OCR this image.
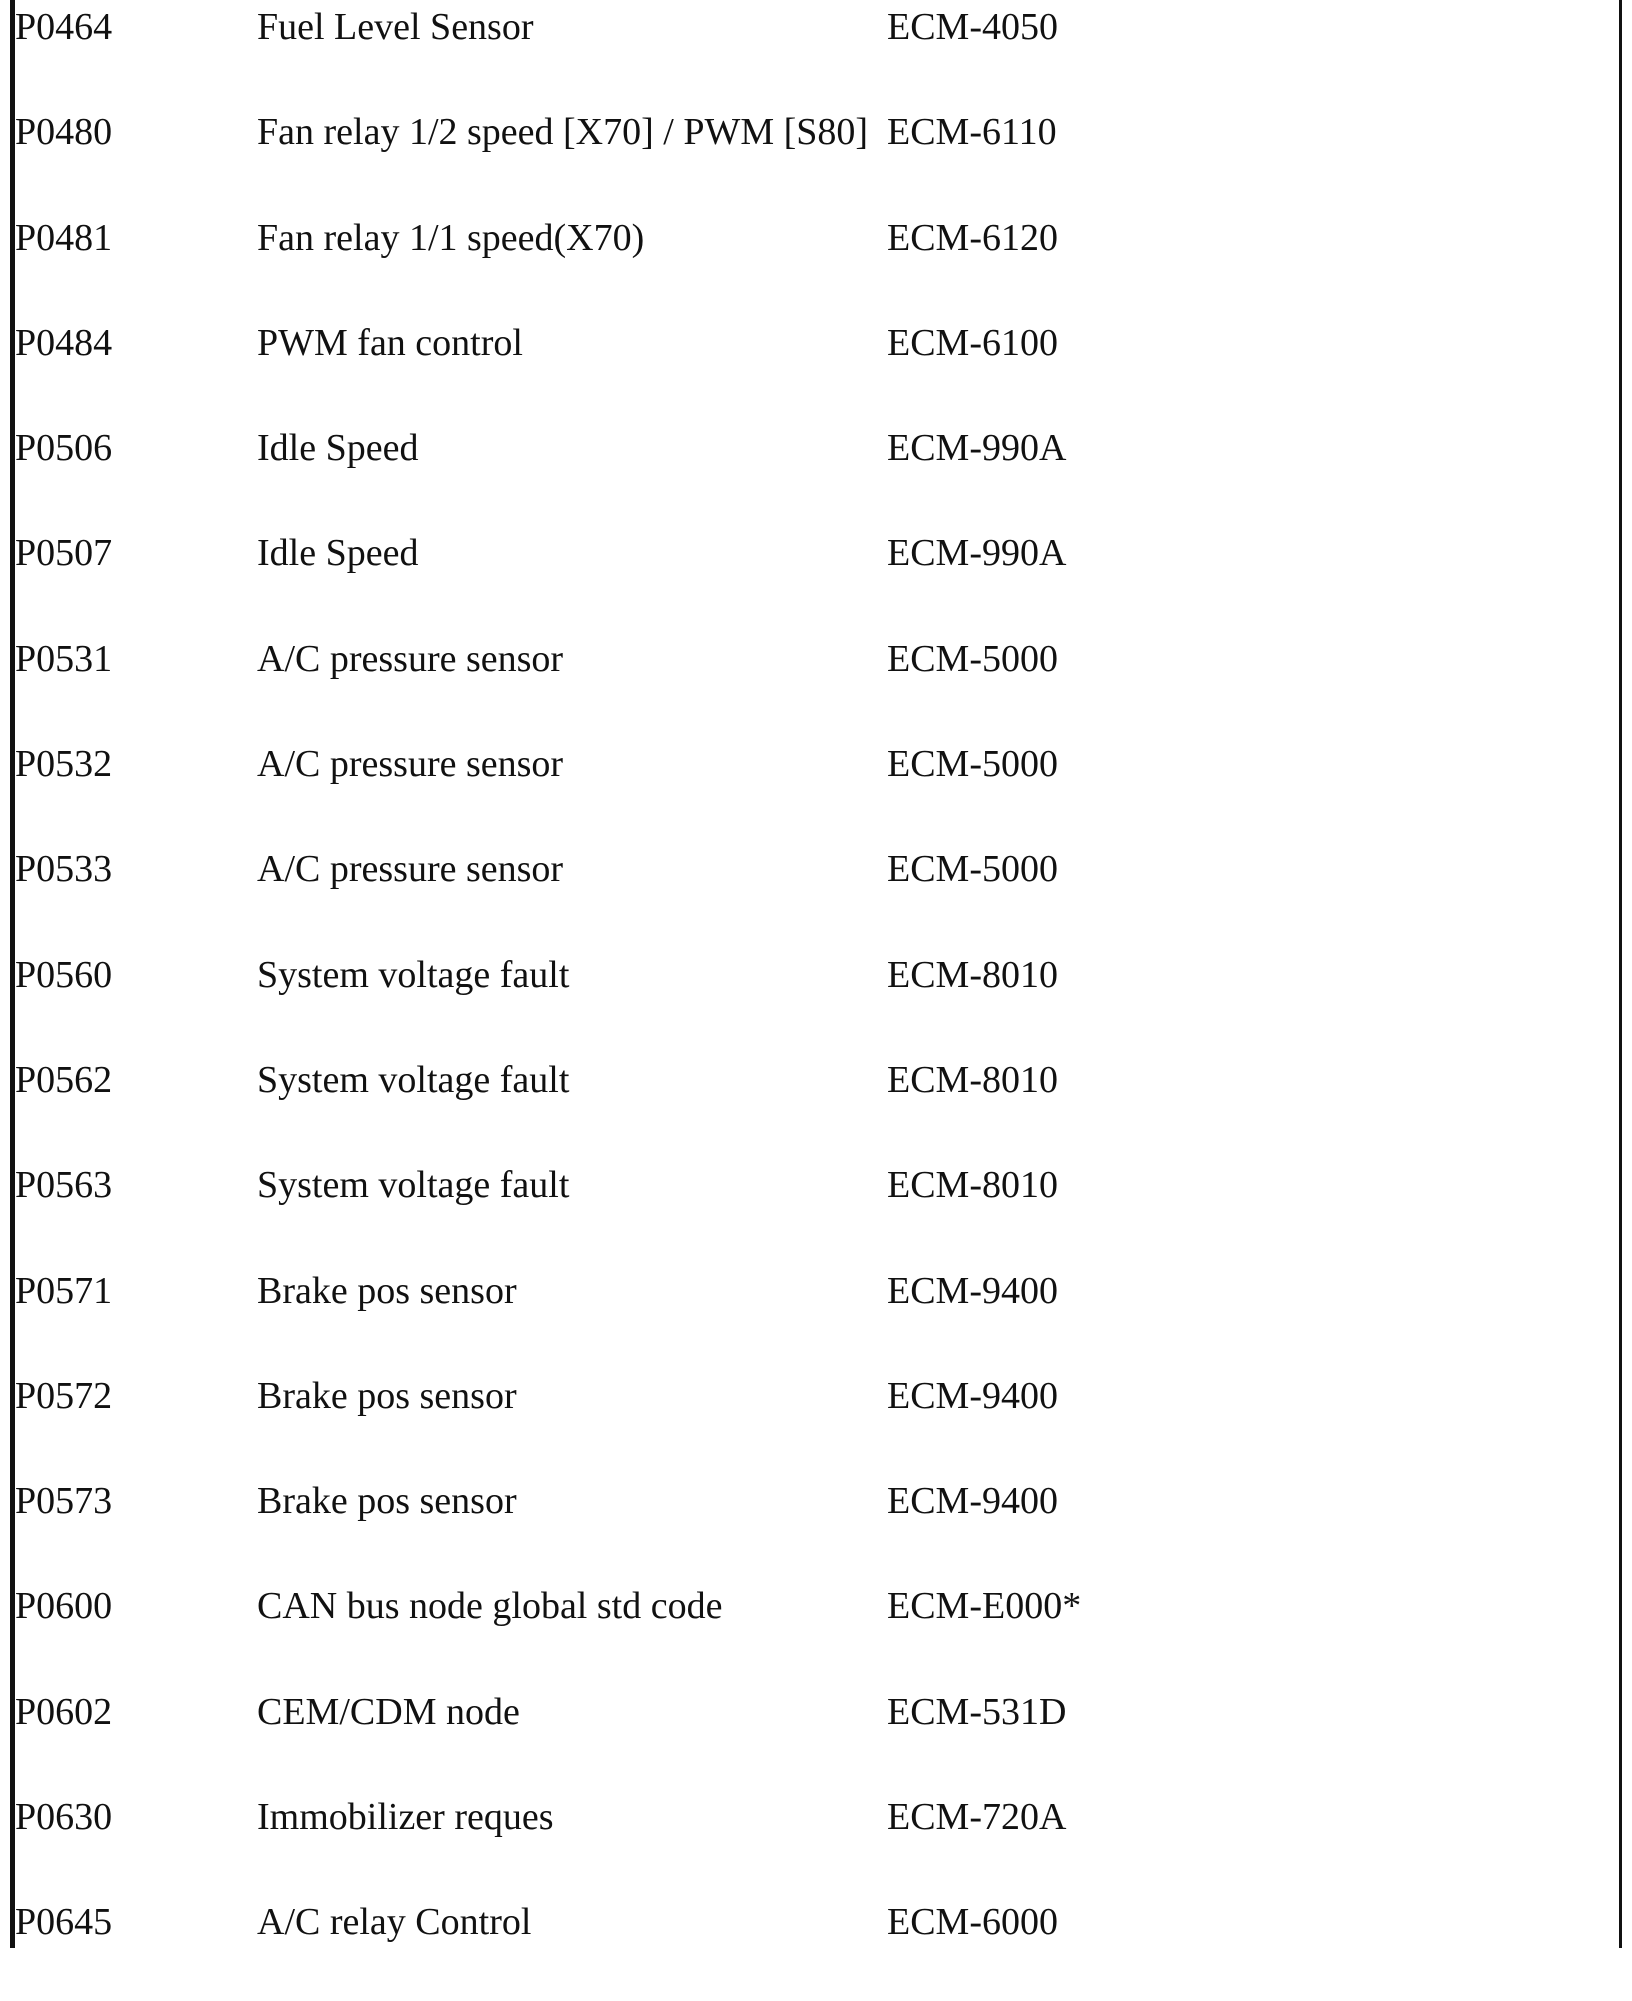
P0464	Fuel Level Sensor	ECM-4050
P0480	Fan relay 1/2 speed [X70] / PWM [S80] ECM-6110
P0481	Fan relay 1/1 speed(X70)	ECM-6120
P0484	PWM fan control	ECM-6100
P0506	Idle Speed	ECM-990A
P0507	Idle Speed	ECM-990A
P0531	A/C pressure sensor	ECM-5000
P0532	A/C pressure sensor	ECM-5000
P0533	A/C pressure sensor	ECM-5000
P0560	System voltage fault	ECM-8010
P0562	System voltage fault	ECM-8010
P0563	System voltage fault	ECM-8010
P0571	Brake pos sensor	ECM-9400
P0572	Brake pos sensor	ECM-9400
P0573	Brake pos sensor	ECM-9400
P0600	CAN bus node global std code	ECM-E000*
P0602	CEM/CDM node	ECM-531D
P0630	Immobilizer reques	ECM-720A
P0645	A/C relay Control	ECM-6000
